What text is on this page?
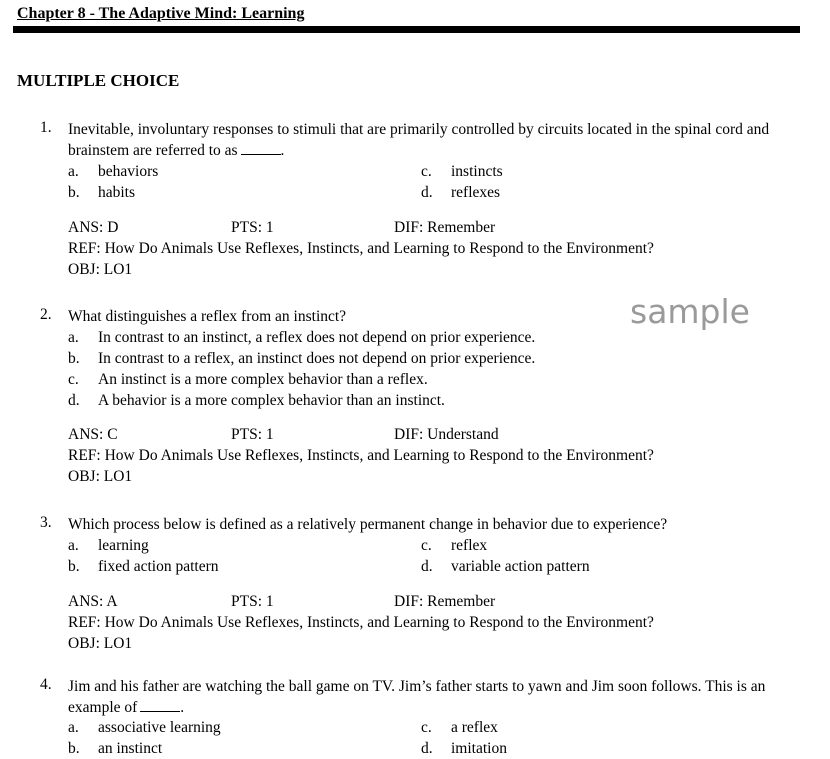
Chapter 8 - The Adaptive Mind: Learning
MULTIPLE CHOICE
sample
1. Inevitable, involuntary responses to stimuli that are primarily controlled by circuits located in the spinal cord and brainstem are referred to as	.
a. behaviors
b. habits
c. instincts
d. reflexes
ANS: D	PTS: 1	DIF: Remember
REF: How Do Animals Use Reflexes, Instincts, and Learning to Respond to the Environment?
OBJ: LO1
2. What distinguishes a reflex from an instinct?
a. In contrast to an instinct, a reflex does not depend on prior experience.
b. In contrast to a reflex, an instinct does not depend on prior experience.
c. An instinct is a more complex behavior than a reflex.
d. A behavior is a more complex behavior than an instinct.
ANS: C	PTS: 1	DIF: Understand
REF: How Do Animals Use Reflexes, Instincts, and Learning to Respond to the Environment?
OBJ: LO1
3. Which process below is defined as a relatively permanent change in behavior due to experience?
a. learning
b. fixed action pattern
c. reflex
d. variable action pattern
ANS: A	PTS: 1	DIF: Remember
REF: How Do Animals Use Reflexes, Instincts, and Learning to Respond to the Environment?
OBJ: LO1
4. Jim and his father are watching the ball game on TV. Jim’s father starts to yawn and Jim soon follows. This is an example of	.
a. associative learning
b. an instinct
c. a reflex
d. imitation
